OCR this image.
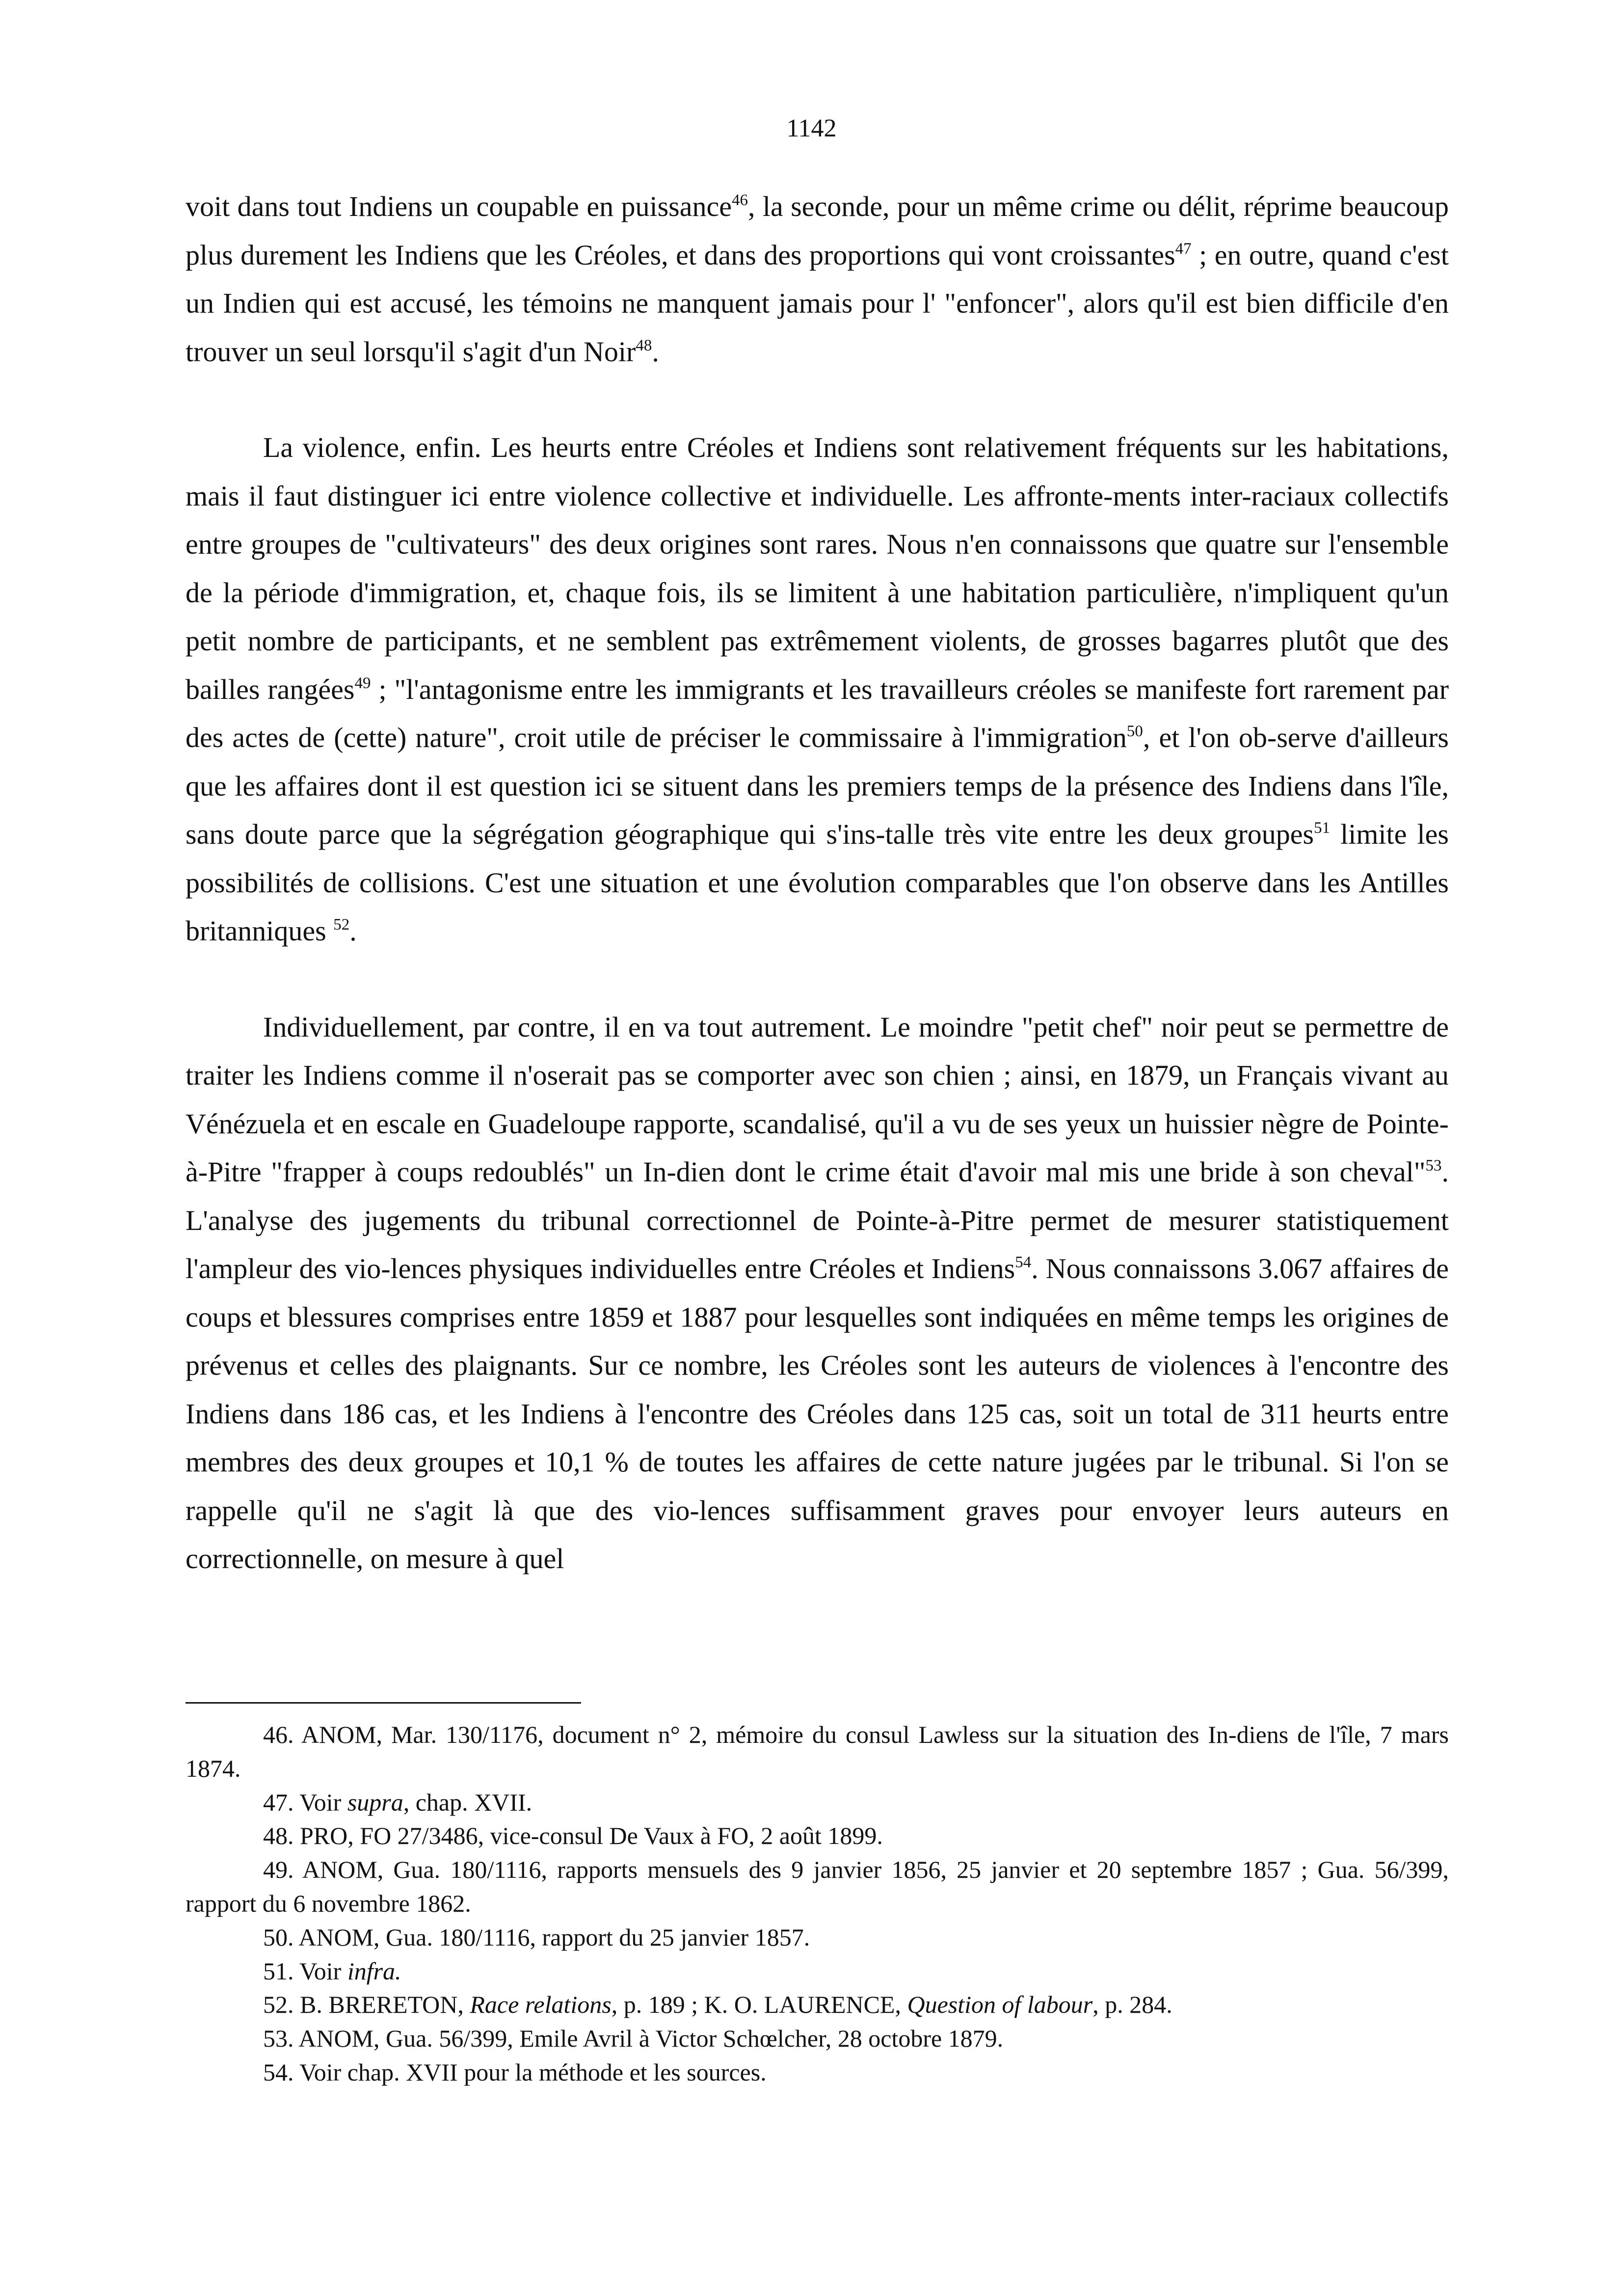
1142

voit dans tout Indiens un coupable en puissance$^{46}$, la seconde, pour un même crime ou délit, réprime beaucoup plus durement les Indiens que les Créoles, et dans des proportions qui vont croissantes$^{47}$ ; en outre, quand c'est un Indien qui est accusé, les témoins ne manquent jamais pour l' "enfoncer", alors qu'il est bien difficile d'en trouver un seul lorsqu'il s'agit d'un Noir$^{48}$.

La violence, enfin. Les heurts entre Créoles et Indiens sont relativement fréquents sur les habitations, mais il faut distinguer ici entre violence collective et individuelle. Les affronte-ments inter-raciaux collectifs entre groupes de "cultivateurs" des deux origines sont rares. Nous n'en connaissons que quatre sur l'ensemble de la période d'immigration, et, chaque fois, ils se limitent à une habitation particulière, n'impliquent qu'un petit nombre de participants, et ne semblent pas extrêmement violents, de grosses bagarres plutôt que des bailles rangées$^{49}$ ; "l'antagonisme entre les immigrants et les travailleurs créoles se manifeste fort rarement par des actes de (cette) nature", croit utile de préciser le commissaire à l'immigration$^{50}$, et l'on ob-serve d'ailleurs que les affaires dont il est question ici se situent dans les premiers temps de la présence des Indiens dans l'île, sans doute parce que la ségrégation géographique qui s'ins-talle très vite entre les deux groupes$^{51}$ limite les possibilités de collisions. C'est une situation et une évolution comparables que l'on observe dans les Antilles britanniques $^{52}$.

Individuellement, par contre, il en va tout autrement. Le moindre "petit chef" noir peut se permettre de traiter les Indiens comme il n'oserait pas se comporter avec son chien ; ainsi, en 1879, un Français vivant au Vénézuela et en escale en Guadeloupe rapporte, scandalisé, qu'il a vu de ses yeux un huissier nègre de Pointe-à-Pitre "frapper à coups redoublés" un In-dien dont le crime était d'avoir mal mis une bride à son cheval"$^{53}$. L'analyse des jugements du tribunal correctionnel de Pointe-à-Pitre permet de mesurer statistiquement l'ampleur des vio-lences physiques individuelles entre Créoles et Indiens$^{54}$. Nous connaissons 3.067 affaires de coups et blessures comprises entre 1859 et 1887 pour lesquelles sont indiquées en même temps les origines de prévenus et celles des plaignants. Sur ce nombre, les Créoles sont les auteurs de violences à l'encontre des Indiens dans 186 cas, et les Indiens à l'encontre des Créoles dans 125 cas, soit un total de 311 heurts entre membres des deux groupes et 10,1 % de toutes les affaires de cette nature jugées par le tribunal. Si l'on se rappelle qu'il ne s'agit là que des vio-lences suffisamment graves pour envoyer leurs auteurs en correctionnelle, on mesure à quel

46. ANOM, Mar. 130/1176, document n° 2, mémoire du consul Lawless sur la situation des In-diens de l'île, 7 mars 1874.

47. Voir supra, chap. XVII.

48. PRO, FO 27/3486, vice-consul De Vaux à FO, 2 août 1899.

49. ANOM, Gua. 180/1116, rapports mensuels des 9 janvier 1856, 25 janvier et 20 septembre 1857 ; Gua. 56/399, rapport du 6 novembre 1862.

50. ANOM, Gua. 180/1116, rapport du 25 janvier 1857.

51. Voir infra.

52. B. BRERETON, Race relations, p. 189 ; K. O. LAURENCE, Question of labour, p. 284.

53. ANOM, Gua. 56/399, Emile Avril à Victor Schœlcher, 28 octobre 1879.

54. Voir chap. XVII pour la méthode et les sources.
